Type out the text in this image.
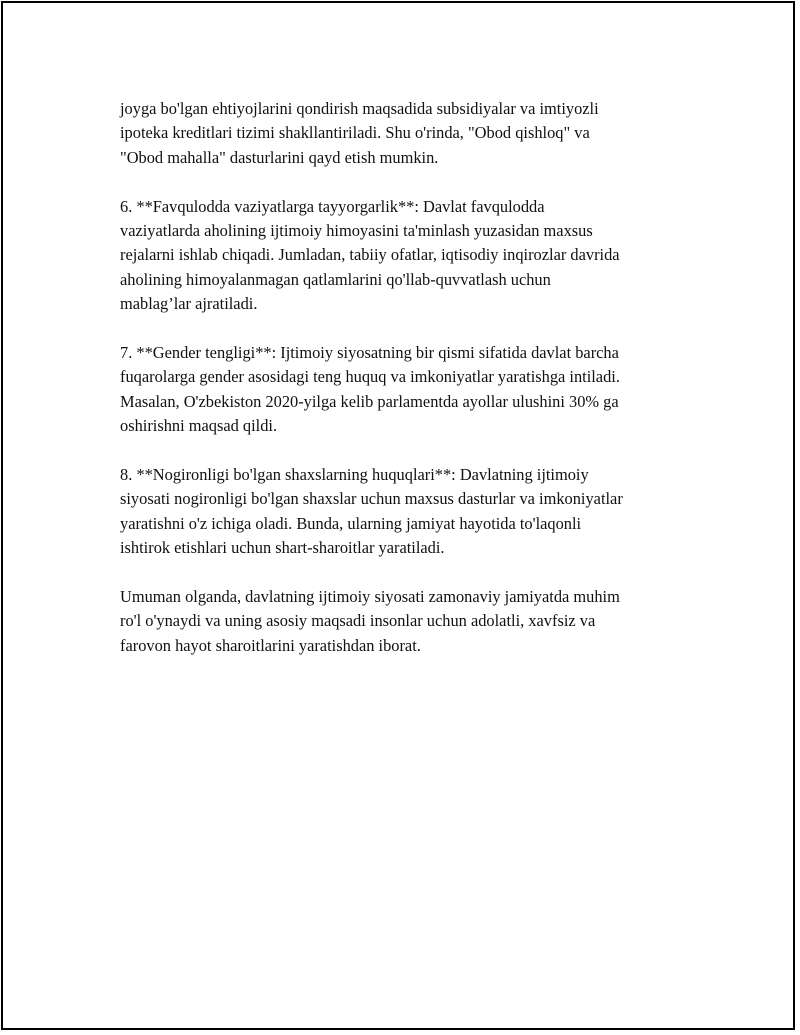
joyga bo'lgan ehtiyojlarini qondirish maqsadida subsidiyalar va imtiyozli
ipoteka kreditlari tizimi shakllantiriladi. Shu o'rinda, "Obod qishloq" va
"Obod mahalla" dasturlarini qayd etish mumkin.

6. **Favqulodda vaziyatlarga tayyorgarlik**: Davlat favqulodda
vaziyatlarda aholining ijtimoiy himoyasini ta'minlash yuzasidan maxsus
rejalarni ishlab chiqadi. Jumladan, tabiiy ofatlar, iqtisodiy inqirozlar davrida
aholining himoyalanmagan qatlamlarini qo'llab-quvvatlash uchun
mablag’lar ajratiladi.

7. **Gender tengligi**: Ijtimoiy siyosatning bir qismi sifatida davlat barcha
fuqarolarga gender asosidagi teng huquq va imkoniyatlar yaratishga intiladi.
Masalan, O'zbekiston 2020-yilga kelib parlamentda ayollar ulushini 30% ga
oshirishni maqsad qildi.

8. **Nogironligi bo'lgan shaxslarning huquqlari**: Davlatning ijtimoiy
siyosati nogironligi bo'lgan shaxslar uchun maxsus dasturlar va imkoniyatlar
yaratishni o'z ichiga oladi. Bunda, ularning jamiyat hayotida to'laqonli
ishtirok etishlari uchun shart-sharoitlar yaratiladi.

Umuman olganda, davlatning ijtimoiy siyosati zamonaviy jamiyatda muhim
ro'l o'ynaydi va uning asosiy maqsadi insonlar uchun adolatli, xavfsiz va
farovon hayot sharoitlarini yaratishdan iborat.
